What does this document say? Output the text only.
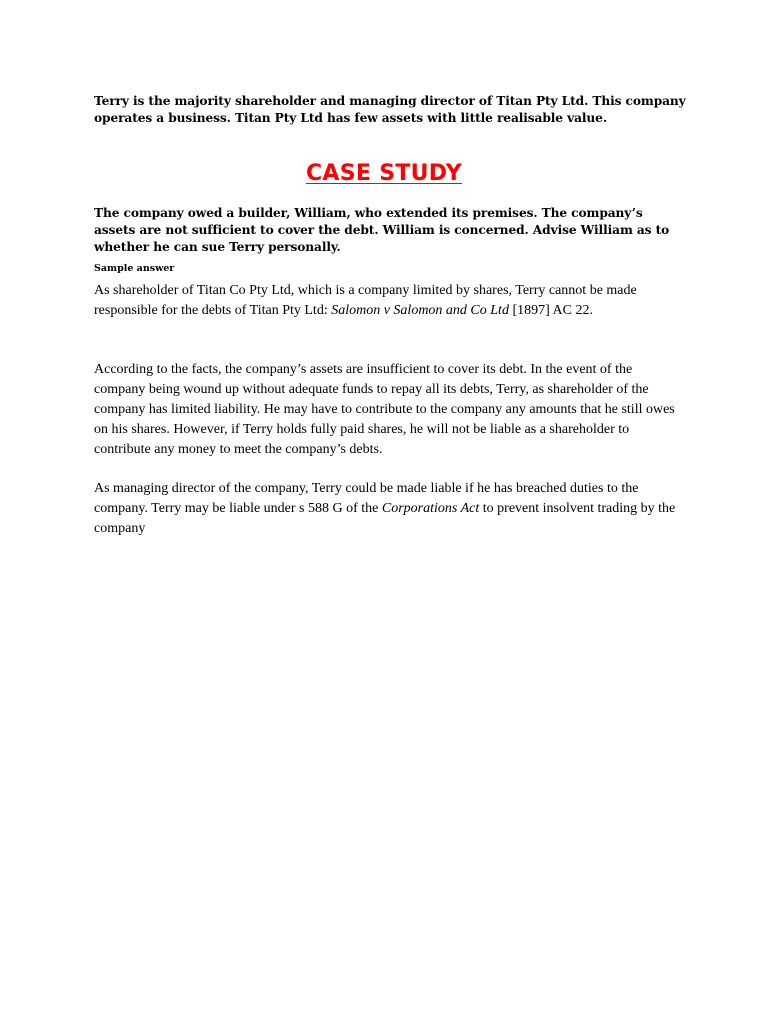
Terry is the majority shareholder and managing director of Titan Pty Ltd. This company operates a business. Titan Pty Ltd has few assets with little realisable value.

CASE STUDY

The company owed a builder, William, who extended its premises. The company’s assets are not sufficient to cover the debt. William is concerned. Advise William as to whether he can sue Terry personally.

Sample answer

As shareholder of Titan Co Pty Ltd, which is a company limited by shares, Terry cannot be made responsible for the debts of Titan Pty Ltd: Salomon v Salomon and Co Ltd [1897] AC 22.

According to the facts, the company’s assets are insufficient to cover its debt. In the event of the company being wound up without adequate funds to repay all its debts, Terry, as shareholder of the company has limited liability. He may have to contribute to the company any amounts that he still owes on his shares. However, if Terry holds fully paid shares, he will not be liable as a shareholder to contribute any money to meet the company’s debts.

As managing director of the company, Terry could be made liable if he has breached duties to the company. Terry may be liable under s 588 G of the Corporations Act to prevent insolvent trading by the company
